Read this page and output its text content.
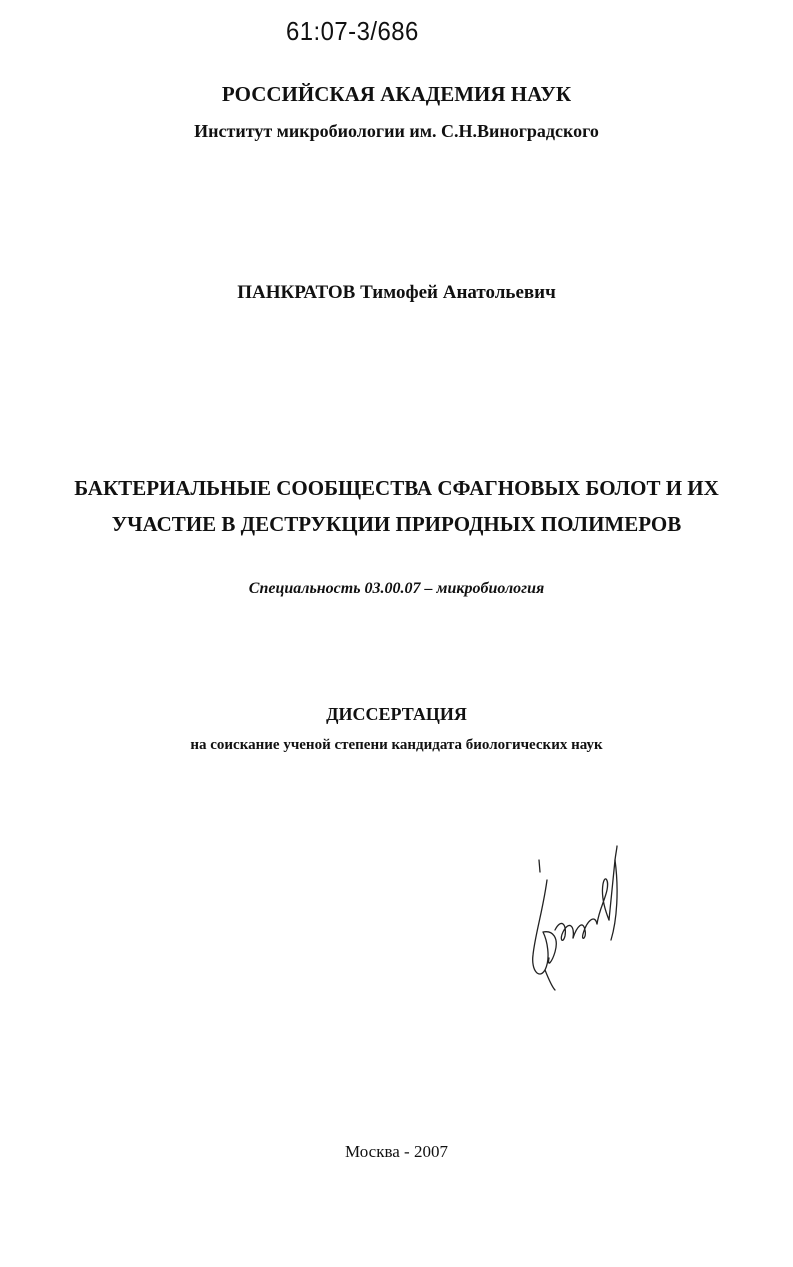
61:07-3/686
РОССИЙСКАЯ АКАДЕМИЯ НАУК
Институт микробиологии им. С.Н.Виноградского
ПАНКРАТОВ Тимофей Анатольевич
БАКТЕРИАЛЬНЫЕ СООБЩЕСТВА СФАГНОВЫХ БОЛОТ И ИХ
УЧАСТИЕ В ДЕСТРУКЦИИ ПРИРОДНЫХ ПОЛИМЕРОВ
Специальность 03.00.07 – микробиология
ДИССЕРТАЦИЯ
на соискание ученой степени кандидата биологических наук
Москва - 2007
